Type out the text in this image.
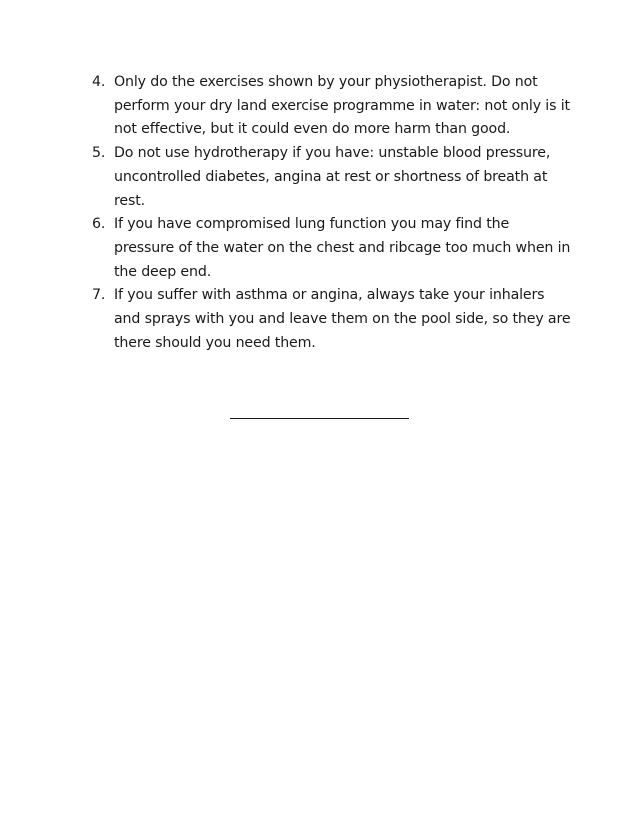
4. Only do the exercises shown by your physiotherapist. Do not perform your dry land exercise programme in water: not only is it not effective, but it could even do more harm than good.
5. Do not use hydrotherapy if you have: unstable blood pressure, uncontrolled diabetes, angina at rest or shortness of breath at rest.
6. If you have compromised lung function you may find the pressure of the water on the chest and ribcage too much when in the deep end.
7. If you suffer with asthma or angina, always take your inhalers and sprays with you and leave them on the pool side, so they are there should you need them.
